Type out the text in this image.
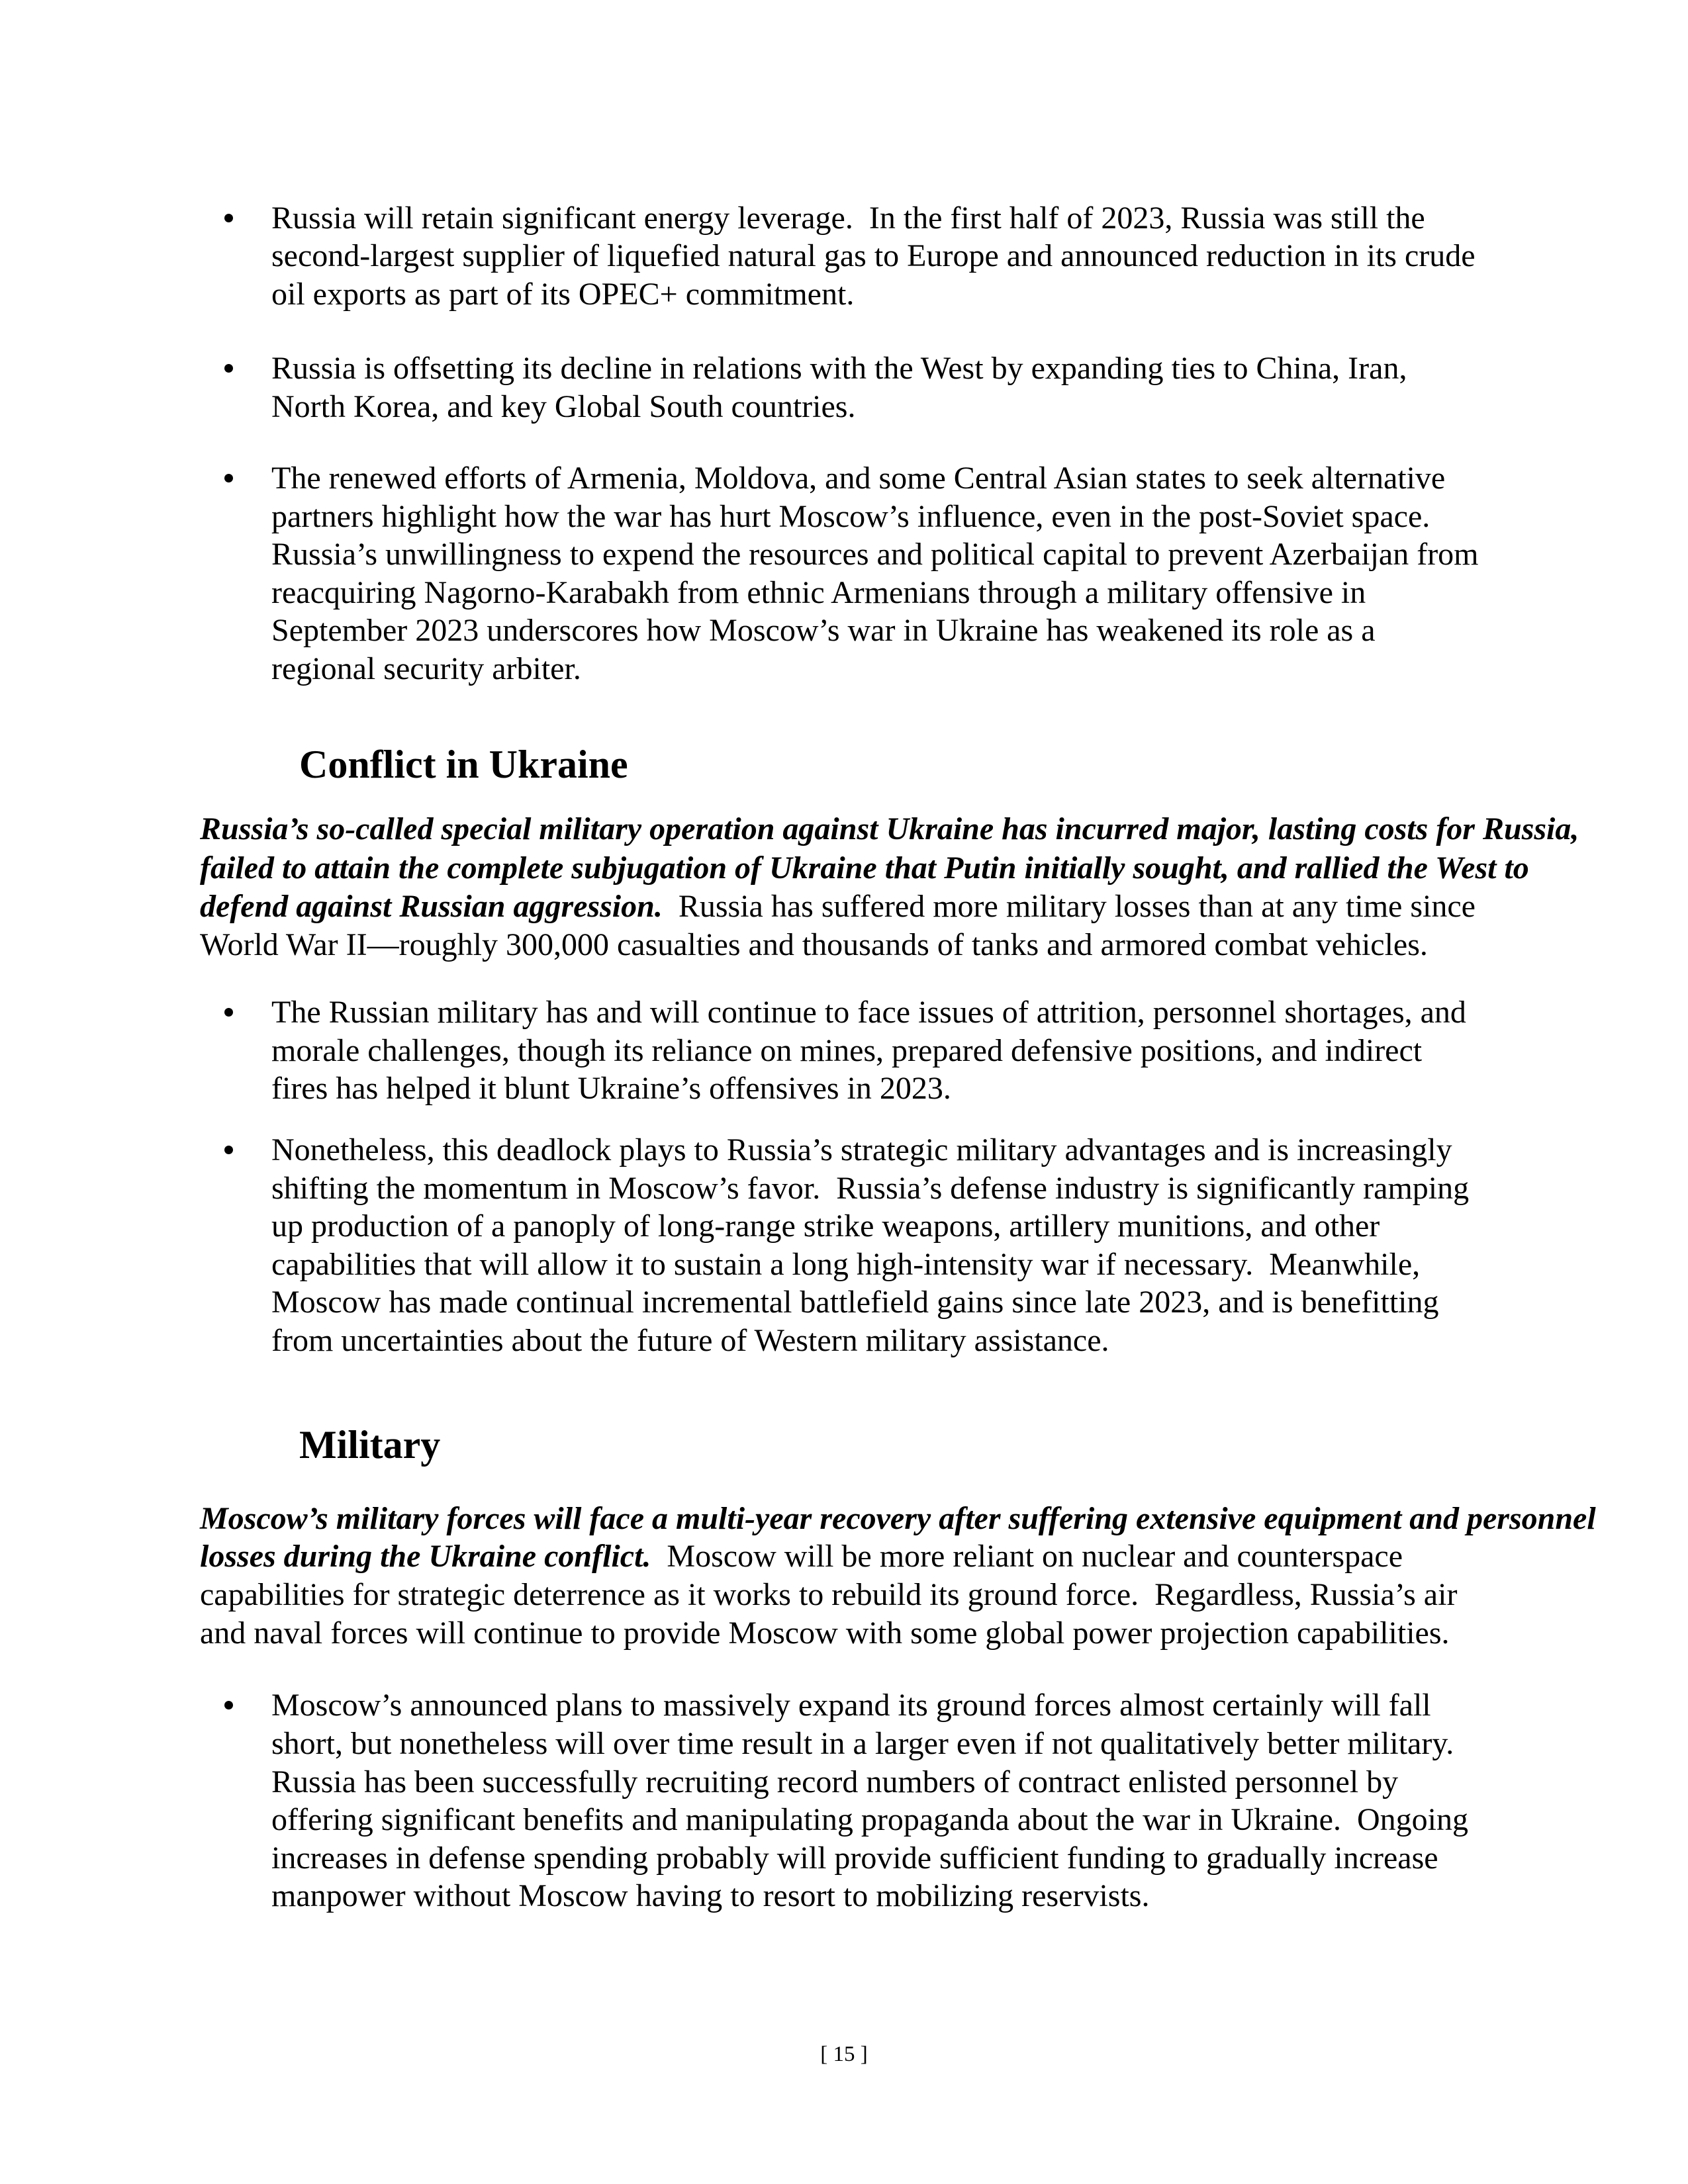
Russia will retain significant energy leverage.  In the first half of 2023, Russia was still the
second-largest supplier of liquefied natural gas to Europe and announced reduction in its crude
oil exports as part of its OPEC+ commitment.
Russia is offsetting its decline in relations with the West by expanding ties to China, Iran,
North Korea, and key Global South countries.
The renewed efforts of Armenia, Moldova, and some Central Asian states to seek alternative
partners highlight how the war has hurt Moscow’s influence, even in the post-Soviet space.
Russia’s unwillingness to expend the resources and political capital to prevent Azerbaijan from
reacquiring Nagorno-Karabakh from ethnic Armenians through a military offensive in
September 2023 underscores how Moscow’s war in Ukraine has weakened its role as a
regional security arbiter.
Conflict in Ukraine
Russia’s so-called special military operation against Ukraine has incurred major, lasting costs for Russia,
failed to attain the complete subjugation of Ukraine that Putin initially sought, and rallied the West to
defend against Russian aggression.  Russia has suffered more military losses than at any time since
World War II—roughly 300,000 casualties and thousands of tanks and armored combat vehicles.
The Russian military has and will continue to face issues of attrition, personnel shortages, and
morale challenges, though its reliance on mines, prepared defensive positions, and indirect
fires has helped it blunt Ukraine’s offensives in 2023.
Nonetheless, this deadlock plays to Russia’s strategic military advantages and is increasingly
shifting the momentum in Moscow’s favor.  Russia’s defense industry is significantly ramping
up production of a panoply of long-range strike weapons, artillery munitions, and other
capabilities that will allow it to sustain a long high-intensity war if necessary.  Meanwhile,
Moscow has made continual incremental battlefield gains since late 2023, and is benefitting
from uncertainties about the future of Western military assistance.
Military
Moscow’s military forces will face a multi-year recovery after suffering extensive equipment and personnel
losses during the Ukraine conflict.  Moscow will be more reliant on nuclear and counterspace
capabilities for strategic deterrence as it works to rebuild its ground force.  Regardless, Russia’s air
and naval forces will continue to provide Moscow with some global power projection capabilities.
Moscow’s announced plans to massively expand its ground forces almost certainly will fall
short, but nonetheless will over time result in a larger even if not qualitatively better military.
Russia has been successfully recruiting record numbers of contract enlisted personnel by
offering significant benefits and manipulating propaganda about the war in Ukraine.  Ongoing
increases in defense spending probably will provide sufficient funding to gradually increase
manpower without Moscow having to resort to mobilizing reservists.
[ 15 ]
